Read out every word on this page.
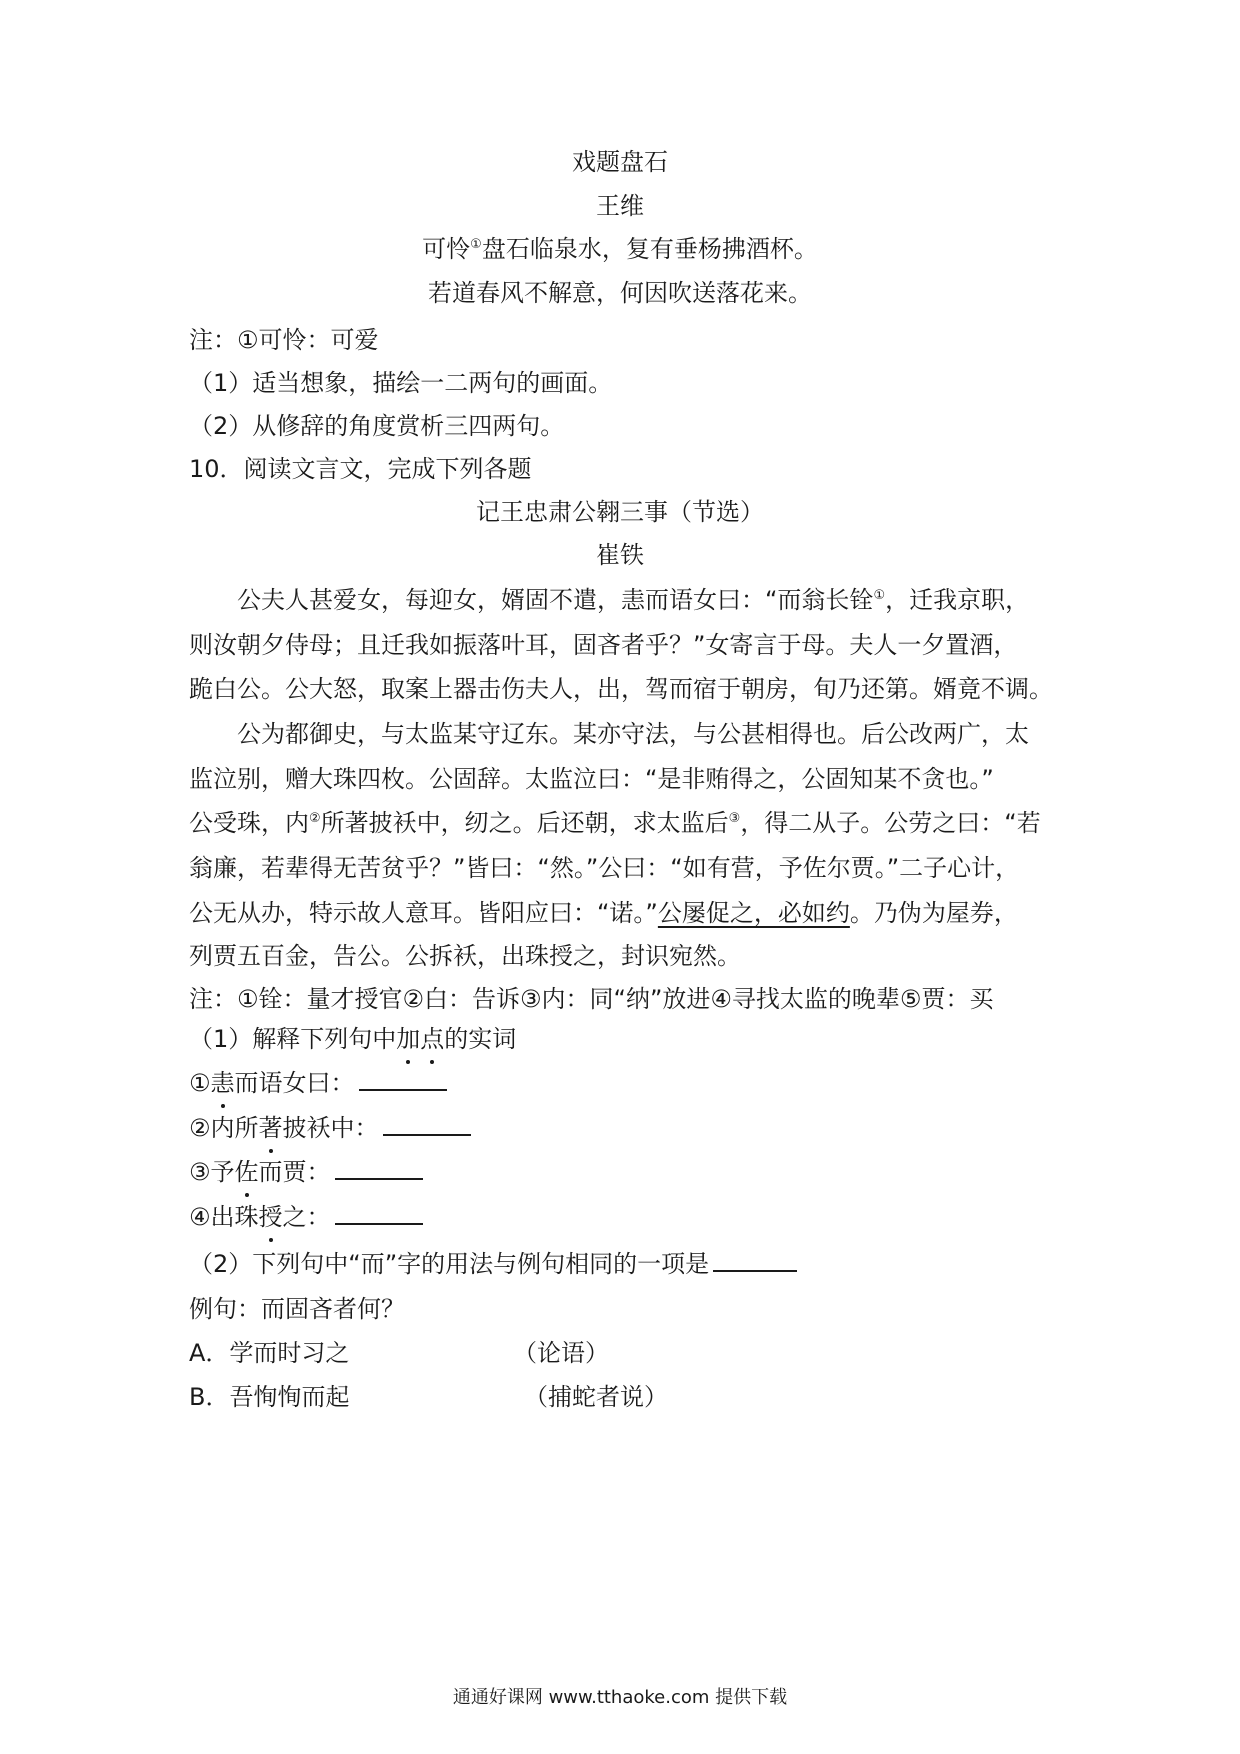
戏题盘石
王维
可怜①盘石临泉水，复有垂杨拂酒杯。
若道春风不解意，何因吹送落花来。
注：①可怜：可爱
（1）适当想象，描绘一二两句的画面。
（2）从修辞的角度赏析三四两句。
10．阅读文言文，完成下列各题
记王忠肃公翱三事（节选）
崔铁
公夫人甚爱女，每迎女，婿固不遣，恚而语女曰：“而翁长铨①，迁我京职，
则汝朝夕侍母；且迁我如振落叶耳，固吝者乎？”女寄言于母。夫人一夕置酒，
跪白公。公大怒，取案上器击伤夫人，出，驾而宿于朝房，旬乃还第。婿竟不调。
公为都御史，与太监某守辽东。某亦守法，与公甚相得也。后公改两广，太
监泣别，赠大珠四枚。公固辞。太监泣曰：“是非贿得之，公固知某不贪也。”
公受珠，内②所著披袄中，纫之。后还朝，求太监后③，得二从子。公劳之曰：“若
翁廉，若辈得无苦贫乎？”皆曰：“然。”公曰：“如有营，予佐尔贾。”二子心计，
公无从办，特示故人意耳。皆阳应曰：“诺。”公屡促之，必如约。乃伪为屋券，
列贾五百金，告公。公拆袄，出珠授之，封识宛然。
注：①铨：量才授官②白：告诉③内：同“纳”放进④寻找太监的晚辈⑤贾：买
（1）解释下列句中加点的实词
①恚而语女曰：
②内所著披袄中：
③予佐而贾：
④出珠授之：
（2）下列句中“而”字的用法与例句相同的一项是
例句：而固吝者何？
A．学而时习之	（论语）
B．吾恂恂而起	（捕蛇者说）
通通好课网 www.tthaoke.com 提供下载
